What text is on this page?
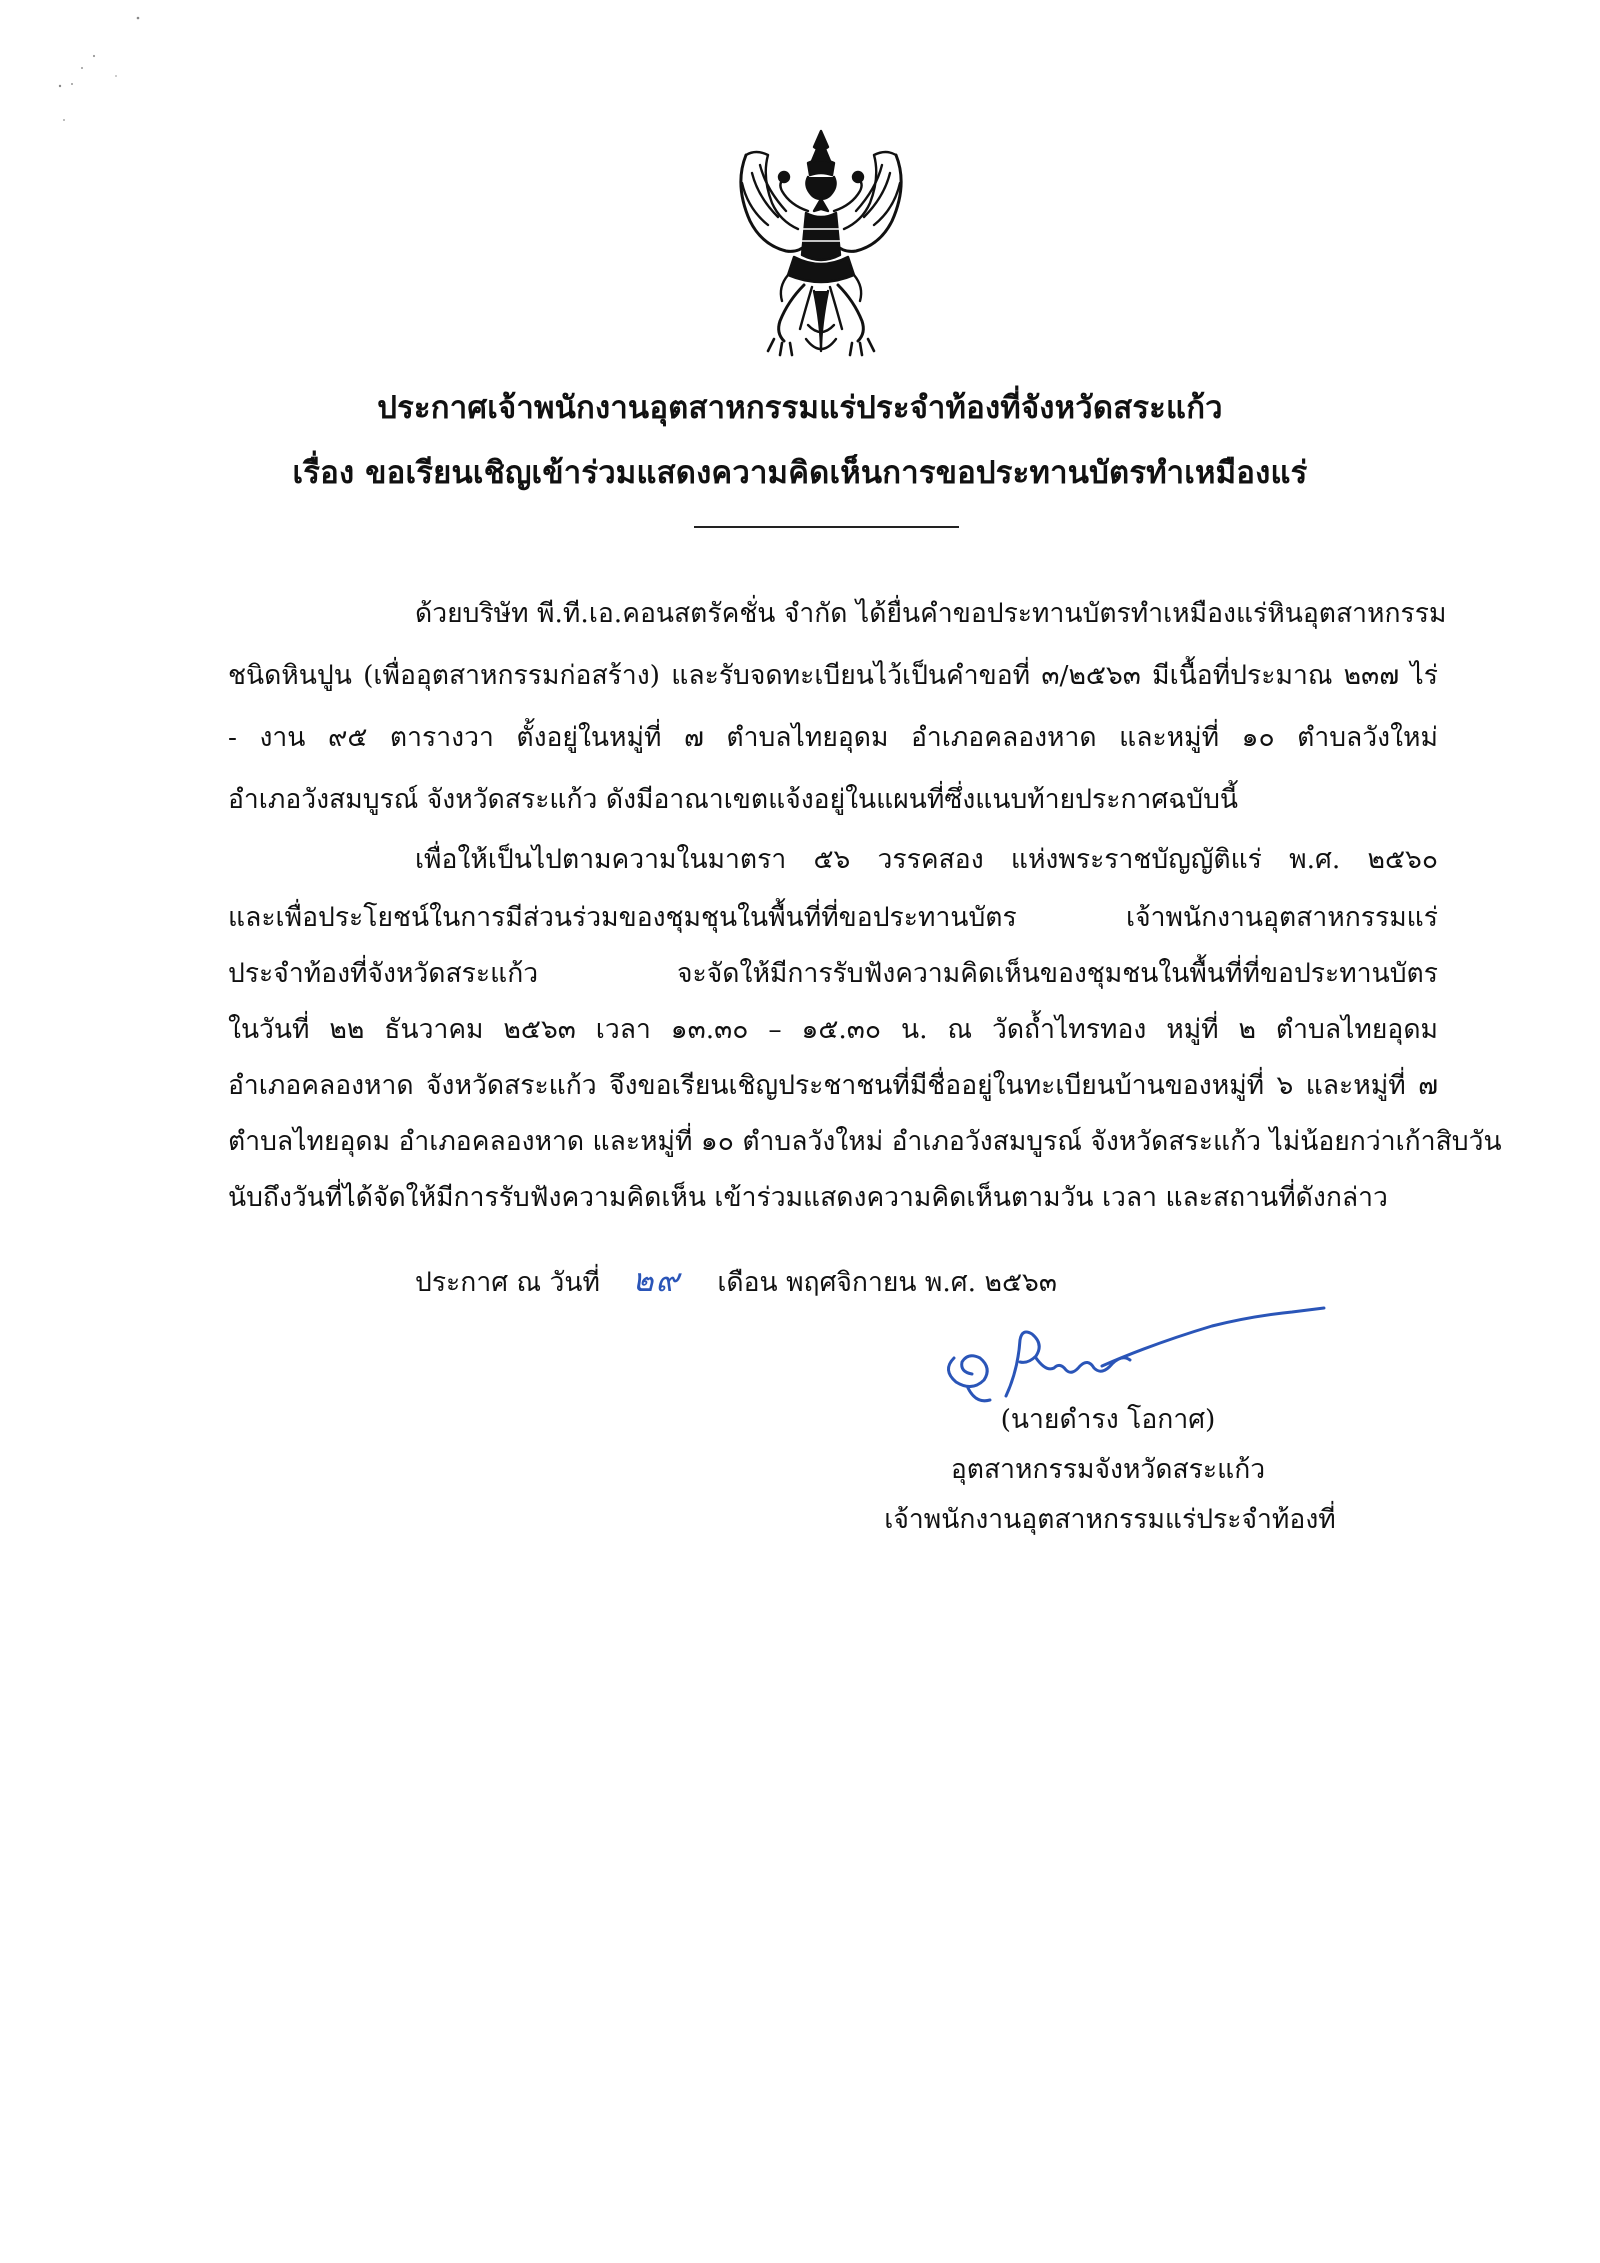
ประกาศเจ้าพนักงานอุตสาหกรรมแร่ประจำท้องที่จังหวัดสระแก้ว
เรื่อง ขอเรียนเชิญเข้าร่วมแสดงความคิดเห็นการขอประทานบัตรทำเหมืองแร่
ด้วยบริษัท พี.ที.เอ.คอนสตรัคชั่น จำกัด ได้ยื่นคำขอประทานบัตรทำเหมืองแร่หินอุตสาหกรรม
ชนิดหินปูน (เพื่ออุตสาหกรรมก่อสร้าง) และรับจดทะเบียนไว้เป็นคำขอที่ ๓/๒๕๖๓ มีเนื้อที่ประมาณ ๒๓๗ ไร่
- งาน ๙๕ ตารางวา ตั้งอยู่ในหมู่ที่ ๗ ตำบลไทยอุดม อำเภอคลองหาด และหมู่ที่ ๑๐ ตำบลวังใหม่
อำเภอวังสมบูรณ์ จังหวัดสระแก้ว ดังมีอาณาเขตแจ้งอยู่ในแผนที่ซึ่งแนบท้ายประกาศฉบับนี้
เพื่อให้เป็นไปตามความในมาตรา ๕๖ วรรคสอง แห่งพระราชบัญญัติแร่ พ.ศ. ๒๕๖๐
และเพื่อประโยชน์ในการมีส่วนร่วมของชุมชุนในพื้นที่ที่ขอประทานบัตร เจ้าพนักงานอุตสาหกรรมแร่
ประจำท้องที่จังหวัดสระแก้ว จะจัดให้มีการรับฟังความคิดเห็นของชุมชนในพื้นที่ที่ขอประทานบัตร
ในวันที่ ๒๒ ธันวาคม ๒๕๖๓ เวลา ๑๓.๓๐ – ๑๕.๓๐ น. ณ วัดถ้ำไทรทอง หมู่ที่ ๒ ตำบลไทยอุดม
อำเภอคลองหาด จังหวัดสระแก้ว จึงขอเรียนเชิญประชาชนที่มีชื่ออยู่ในทะเบียนบ้านของหมู่ที่ ๖ และหมู่ที่ ๗
ตำบลไทยอุดม อำเภอคลองหาด และหมู่ที่ ๑๐ ตำบลวังใหม่ อำเภอวังสมบูรณ์ จังหวัดสระแก้ว ไม่น้อยกว่าเก้าสิบวัน
นับถึงวันที่ได้จัดให้มีการรับฟังความคิดเห็น เข้าร่วมแสดงความคิดเห็นตามวัน เวลา และสถานที่ดังกล่าว
ประกาศ ณ วันที่ ๒๙ เดือน พฤศจิกายน พ.ศ. ๒๕๖๓
(นายดำรง โอกาศ)
อุตสาหกรรมจังหวัดสระแก้ว
เจ้าพนักงานอุตสาหกรรมแร่ประจำท้องที่
